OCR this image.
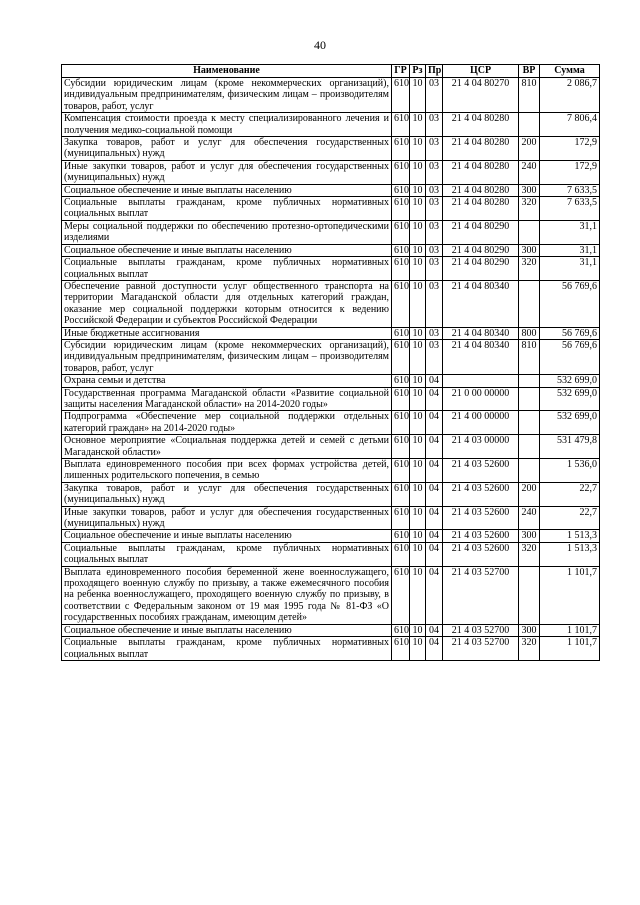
40
Наименование	ГР	Рз	Пр	ЦСР	ВР	Сумма
Субсидии юридическим лицам (кроме некоммерческих организаций), индивидуальным предпринимателям, физическим лицам – производителям товаров, работ, услуг	610	10	03	21 4 04 80270	810	2 086,7
Компенсация стоимости проезда к месту специализированного лечения и получения медико-социальной помощи	610	10	03	21 4 04 80280		7 806,4
Закупка товаров, работ и услуг для обеспечения государственных (муниципальных) нужд	610	10	03	21 4 04 80280	200	172,9
Иные закупки товаров, работ и услуг для обеспечения государственных (муниципальных) нужд	610	10	03	21 4 04 80280	240	172,9
Социальное обеспечение и иные выплаты населению	610	10	03	21 4 04 80280	300	7 633,5
Социальные выплаты гражданам, кроме публичных нормативных социальных выплат	610	10	03	21 4 04 80280	320	7 633,5
Меры социальной поддержки по обеспечению протезно-ортопедическими изделиями	610	10	03	21 4 04 80290		31,1
Социальное обеспечение и иные выплаты населению	610	10	03	21 4 04 80290	300	31,1
Социальные выплаты гражданам, кроме публичных нормативных социальных выплат	610	10	03	21 4 04 80290	320	31,1
Обеспечение равной доступности услуг общественного транспорта на территории Магаданской области для отдельных категорий граждан, оказание мер социальной поддержки которым относится к ведению Российской Федерации и субъектов Российской Федерации	610	10	03	21 4 04 80340		56 769,6
Иные бюджетные ассигнования	610	10	03	21 4 04 80340	800	56 769,6
Субсидии юридическим лицам (кроме некоммерческих организаций), индивидуальным предпринимателям, физическим лицам – производителям товаров, работ, услуг	610	10	03	21 4 04 80340	810	56 769,6
Охрана семьи и детства	610	10	04			532 699,0
Государственная программа Магаданской области «Развитие социальной защиты населения Магаданской области» на 2014-2020 годы»	610	10	04	21 0 00 00000		532 699,0
Подпрограмма «Обеспечение мер социальной поддержки отдельных категорий граждан» на 2014-2020 годы»	610	10	04	21 4 00 00000		532 699,0
Основное мероприятие «Социальная поддержка детей и семей с детьми Магаданской области»	610	10	04	21 4 03 00000		531 479,8
Выплата единовременного пособия при всех формах устройства детей, лишенных родительского попечения, в семью	610	10	04	21 4 03 52600		1 536,0
Закупка товаров, работ и услуг для обеспечения государственных (муниципальных) нужд	610	10	04	21 4 03 52600	200	22,7
Иные закупки товаров, работ и услуг для обеспечения государственных (муниципальных) нужд	610	10	04	21 4 03 52600	240	22,7
Социальное обеспечение и иные выплаты населению	610	10	04	21 4 03 52600	300	1 513,3
Социальные выплаты гражданам, кроме публичных нормативных социальных выплат	610	10	04	21 4 03 52600	320	1 513,3
Выплата единовременного пособия беременной жене военнослужащего, проходящего военную службу по призыву, а также ежемесячного пособия на ребенка военнослужащего, проходящего военную службу по призыву, в соответствии с Федеральным законом от 19 мая 1995 года № 81-ФЗ «О государственных пособиях гражданам, имеющим детей»	610	10	04	21 4 03 52700		1 101,7
Социальное обеспечение и иные выплаты населению	610	10	04	21 4 03 52700	300	1 101,7
Социальные выплаты гражданам, кроме публичных нормативных социальных выплат	610	10	04	21 4 03 52700	320	1 101,7
